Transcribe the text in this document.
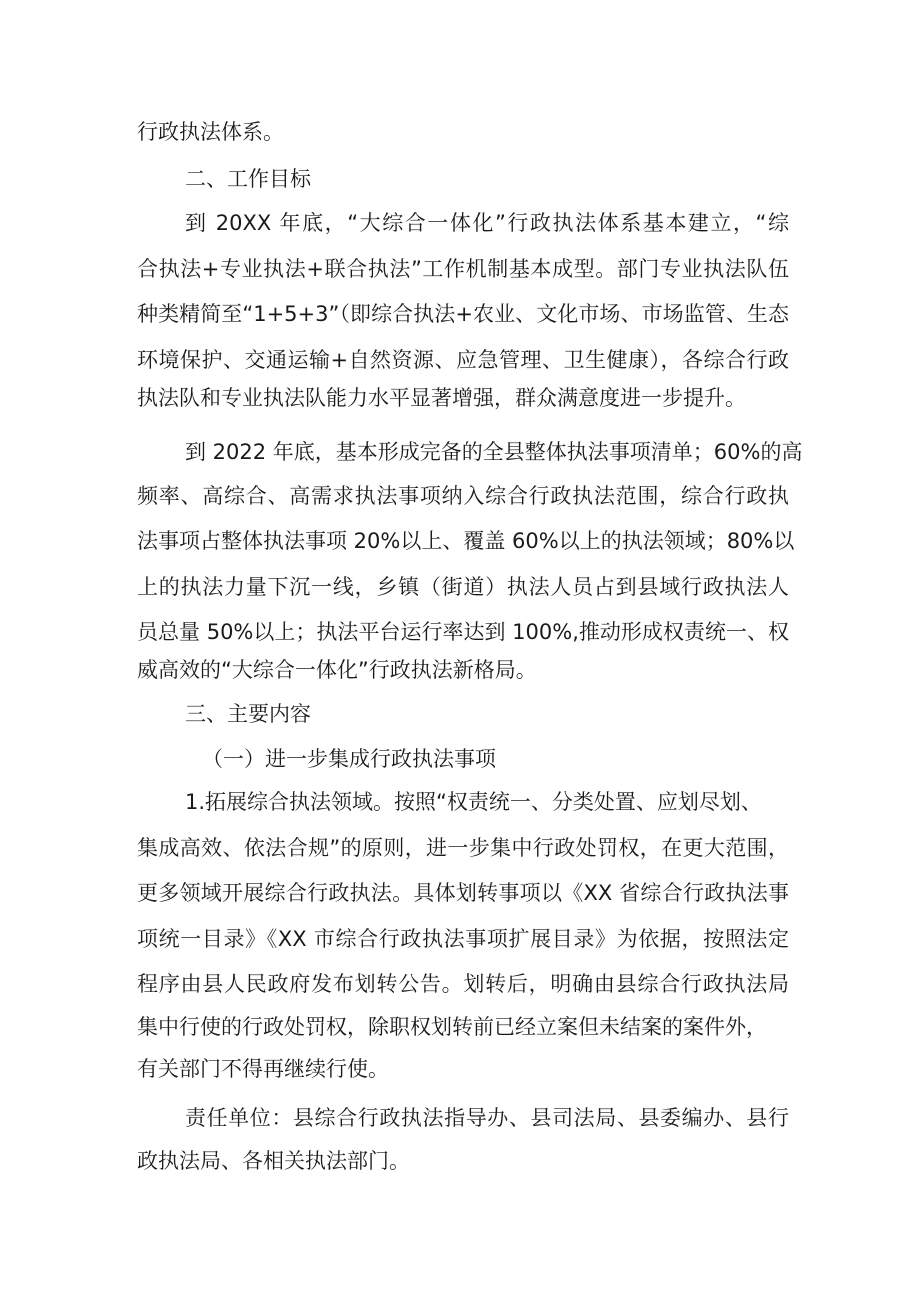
行政执法体系。
二、工作目标
到 20XX 年底，“大综合一体化”行政执法体系基本建立，“综
合执法+专业执法+联合执法”工作机制基本成型。部门专业执法队伍
种类精简至“1+5+3”（即综合执法+农业、文化市场、市场监管、生态
环境保护、交通运输+自然资源、应急管理、卫生健康），各综合行政
执法队和专业执法队能力水平显著增强，群众满意度进一步提升。
到 2022 年底，基本形成完备的全县整体执法事项清单；60%的高
频率、高综合、高需求执法事项纳入综合行政执法范围，综合行政执
法事项占整体执法事项 20%以上、覆盖 60%以上的执法领域；80%以
上的执法力量下沉一线，乡镇（街道）执法人员占到县域行政执法人
员总量 50%以上；执法平台运行率达到 100%,推动形成权责统一、权
威高效的“大综合一体化”行政执法新格局。
三、主要内容
（一）进一步集成行政执法事项
1.拓展综合执法领域。按照“权责统一、分类处置、应划尽划、
集成高效、依法合规”的原则，进一步集中行政处罚权，在更大范围，
更多领域开展综合行政执法。具体划转事项以《XX 省综合行政执法事
项统一目录》《XX 市综合行政执法事项扩展目录》为依据，按照法定
程序由县人民政府发布划转公告。划转后，明确由县综合行政执法局
集中行使的行政处罚权，除职权划转前已经立案但未结案的案件外，
有关部门不得再继续行使。
责任单位：县综合行政执法指导办、县司法局、县委编办、县行
政执法局、各相关执法部门。
